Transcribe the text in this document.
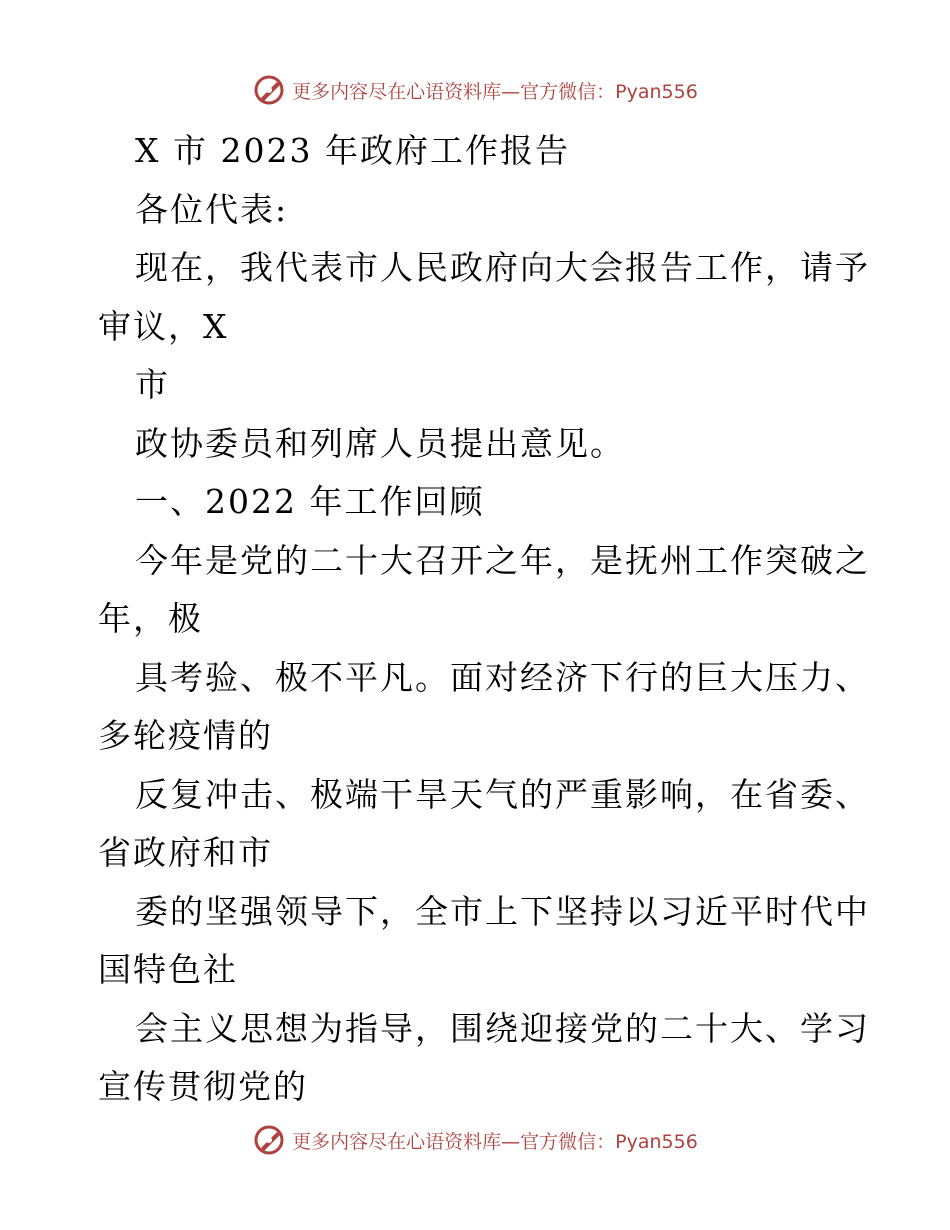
更多内容尽在心语资料库—官方微信：Pyan556
X 市 2023 年政府工作报告
各位代表:
现在，我代表市人民政府向大会报告工作，请予
审议，X
市
政协委员和列席人员提出意见。
一、2022 年工作回顾
今年是党的二十大召开之年，是抚州工作突破之
年，极
具考验、极不平凡。面对经济下行的巨大压力、
多轮疫情的
反复冲击、极端干旱天气的严重影响，在省委、
省政府和市
委的坚强领导下，全市上下坚持以习近平时代中
国特色社
会主义思想为指导，围绕迎接党的二十大、学习
宣传贯彻党的
更多内容尽在心语资料库—官方微信：Pyan556
